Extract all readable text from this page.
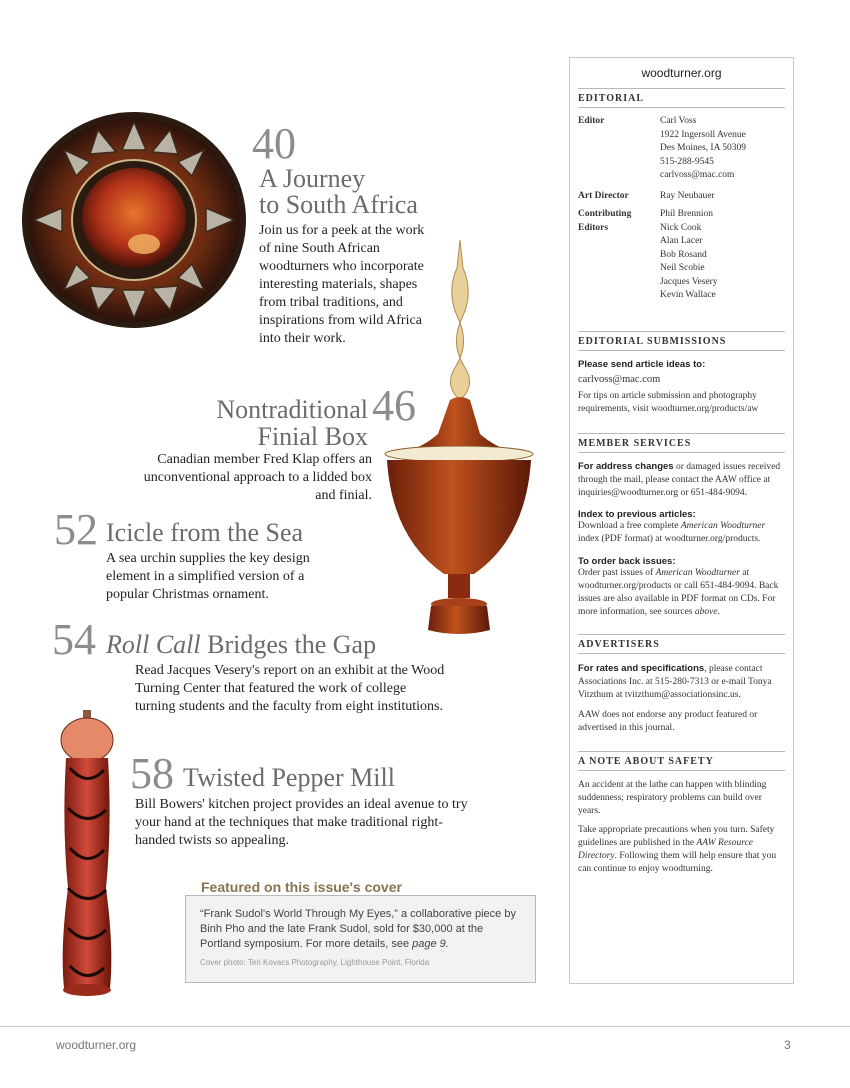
40
A Journey
to South Africa
Join us for a peek at the work of nine South African woodturners who incorporate interesting materials, shapes from tribal traditions, and inspirations from wild Africa into their work.
Nontraditional
Finial Box
46
Canadian member Fred Klap offers an unconventional approach to a lidded box and finial.
52 Icicle from the Sea
A sea urchin supplies the key design element in a simplified version of a popular Christmas ornament.
54 Roll Call Bridges the Gap
Read Jacques Vesery's report on an exhibit at the Wood Turning Center that featured the work of college turning students and the faculty from eight institutions.
58 Twisted Pepper Mill
Bill Bowers' kitchen project provides an ideal avenue to try your hand at the techniques that make traditional right-handed twists so appealing.
Featured on this issue's cover
“Frank Sudol's World Through My Eyes,” a collaborative piece by Binh Pho and the late Frank Sudol, sold for $30,000 at the Portland symposium. For more details, see page 9.
Cover photo: Teri Kovacs Photography, Lighthouse Point, Florida
woodturner.org
EDITORIAL
Editor	Carl Voss
1922 Ingersoll Avenue
Des Moines, IA 50309
515-288-9545
carlvoss@mac.com
Art Director	Ray Neubauer
Contributing
Editors
Phil Brennion
Nick Cook
Alan Lacer
Bob Rosand
Neil Scobie
Jacques Vesery
Kevin Wallace
EDITORIAL SUBMISSIONS
Please send article ideas to:
carlvoss@mac.com
For tips on article submission and photography requirements, visit woodturner.org/products/aw
MEMBER SERVICES
For address changes or damaged issues received through the mail, please contact the AAW office at inquiries@woodturner.org or 651-484-9094.
Index to previous articles:
Download a free complete American Woodturner index (PDF format) at woodturner.org/products.
To order back issues:
Order past issues of American Woodturner at woodturner.org/products or call 651-484-9094. Back issues are also available in PDF format on CDs. For more information, see sources above.
ADVERTISERS
For rates and specifications, please contact Associations Inc. at 515-280-7313 or e-mail Tonya Vitzthum at tvitzthum@associationsinc.us.
AAW does not endorse any product featured or advertised in this journal.
A NOTE ABOUT SAFETY
An accident at the lathe can happen with blinding suddenness; respiratory problems can build over years.
Take appropriate precautions when you turn. Safety guidelines are published in the AAW Resource Directory. Following them will help ensure that you can continue to enjoy woodturning.
woodturner.org	3
